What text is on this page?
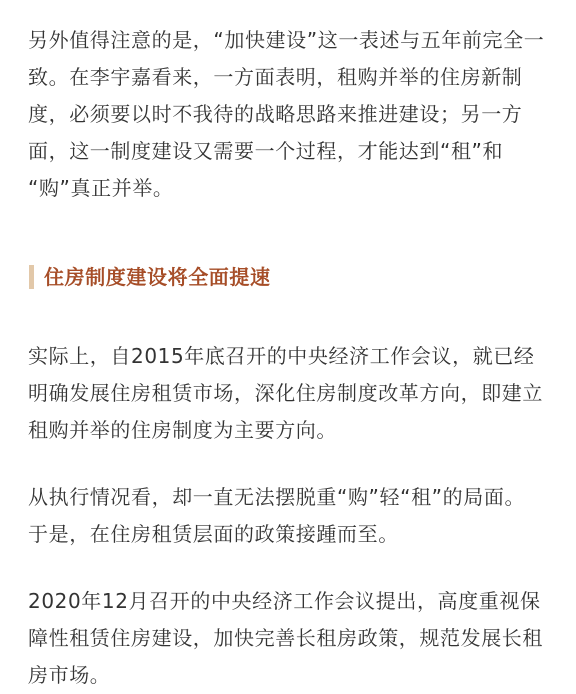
另外值得注意的是，“加快建设”这一表述与五年前完全一
致。在李宇嘉看来，一方面表明，租购并举的住房新制
度，必须要以时不我待的战略思路来推进建设；另一方
面，这一制度建设又需要一个过程，才能达到“租”和
“购”真正并举。

住房制度建设将全面提速

实际上，自2015年底召开的中央经济工作会议，就已经
明确发展住房租赁市场，深化住房制度改革方向，即建立
租购并举的住房制度为主要方向。

从执行情况看，却一直无法摆脱重“购”轻“租”的局面。
于是，在住房租赁层面的政策接踵而至。

2020年12月召开的中央经济工作会议提出，高度重视保
障性租赁住房建设，加快完善长租房政策，规范发展长租
房市场。
